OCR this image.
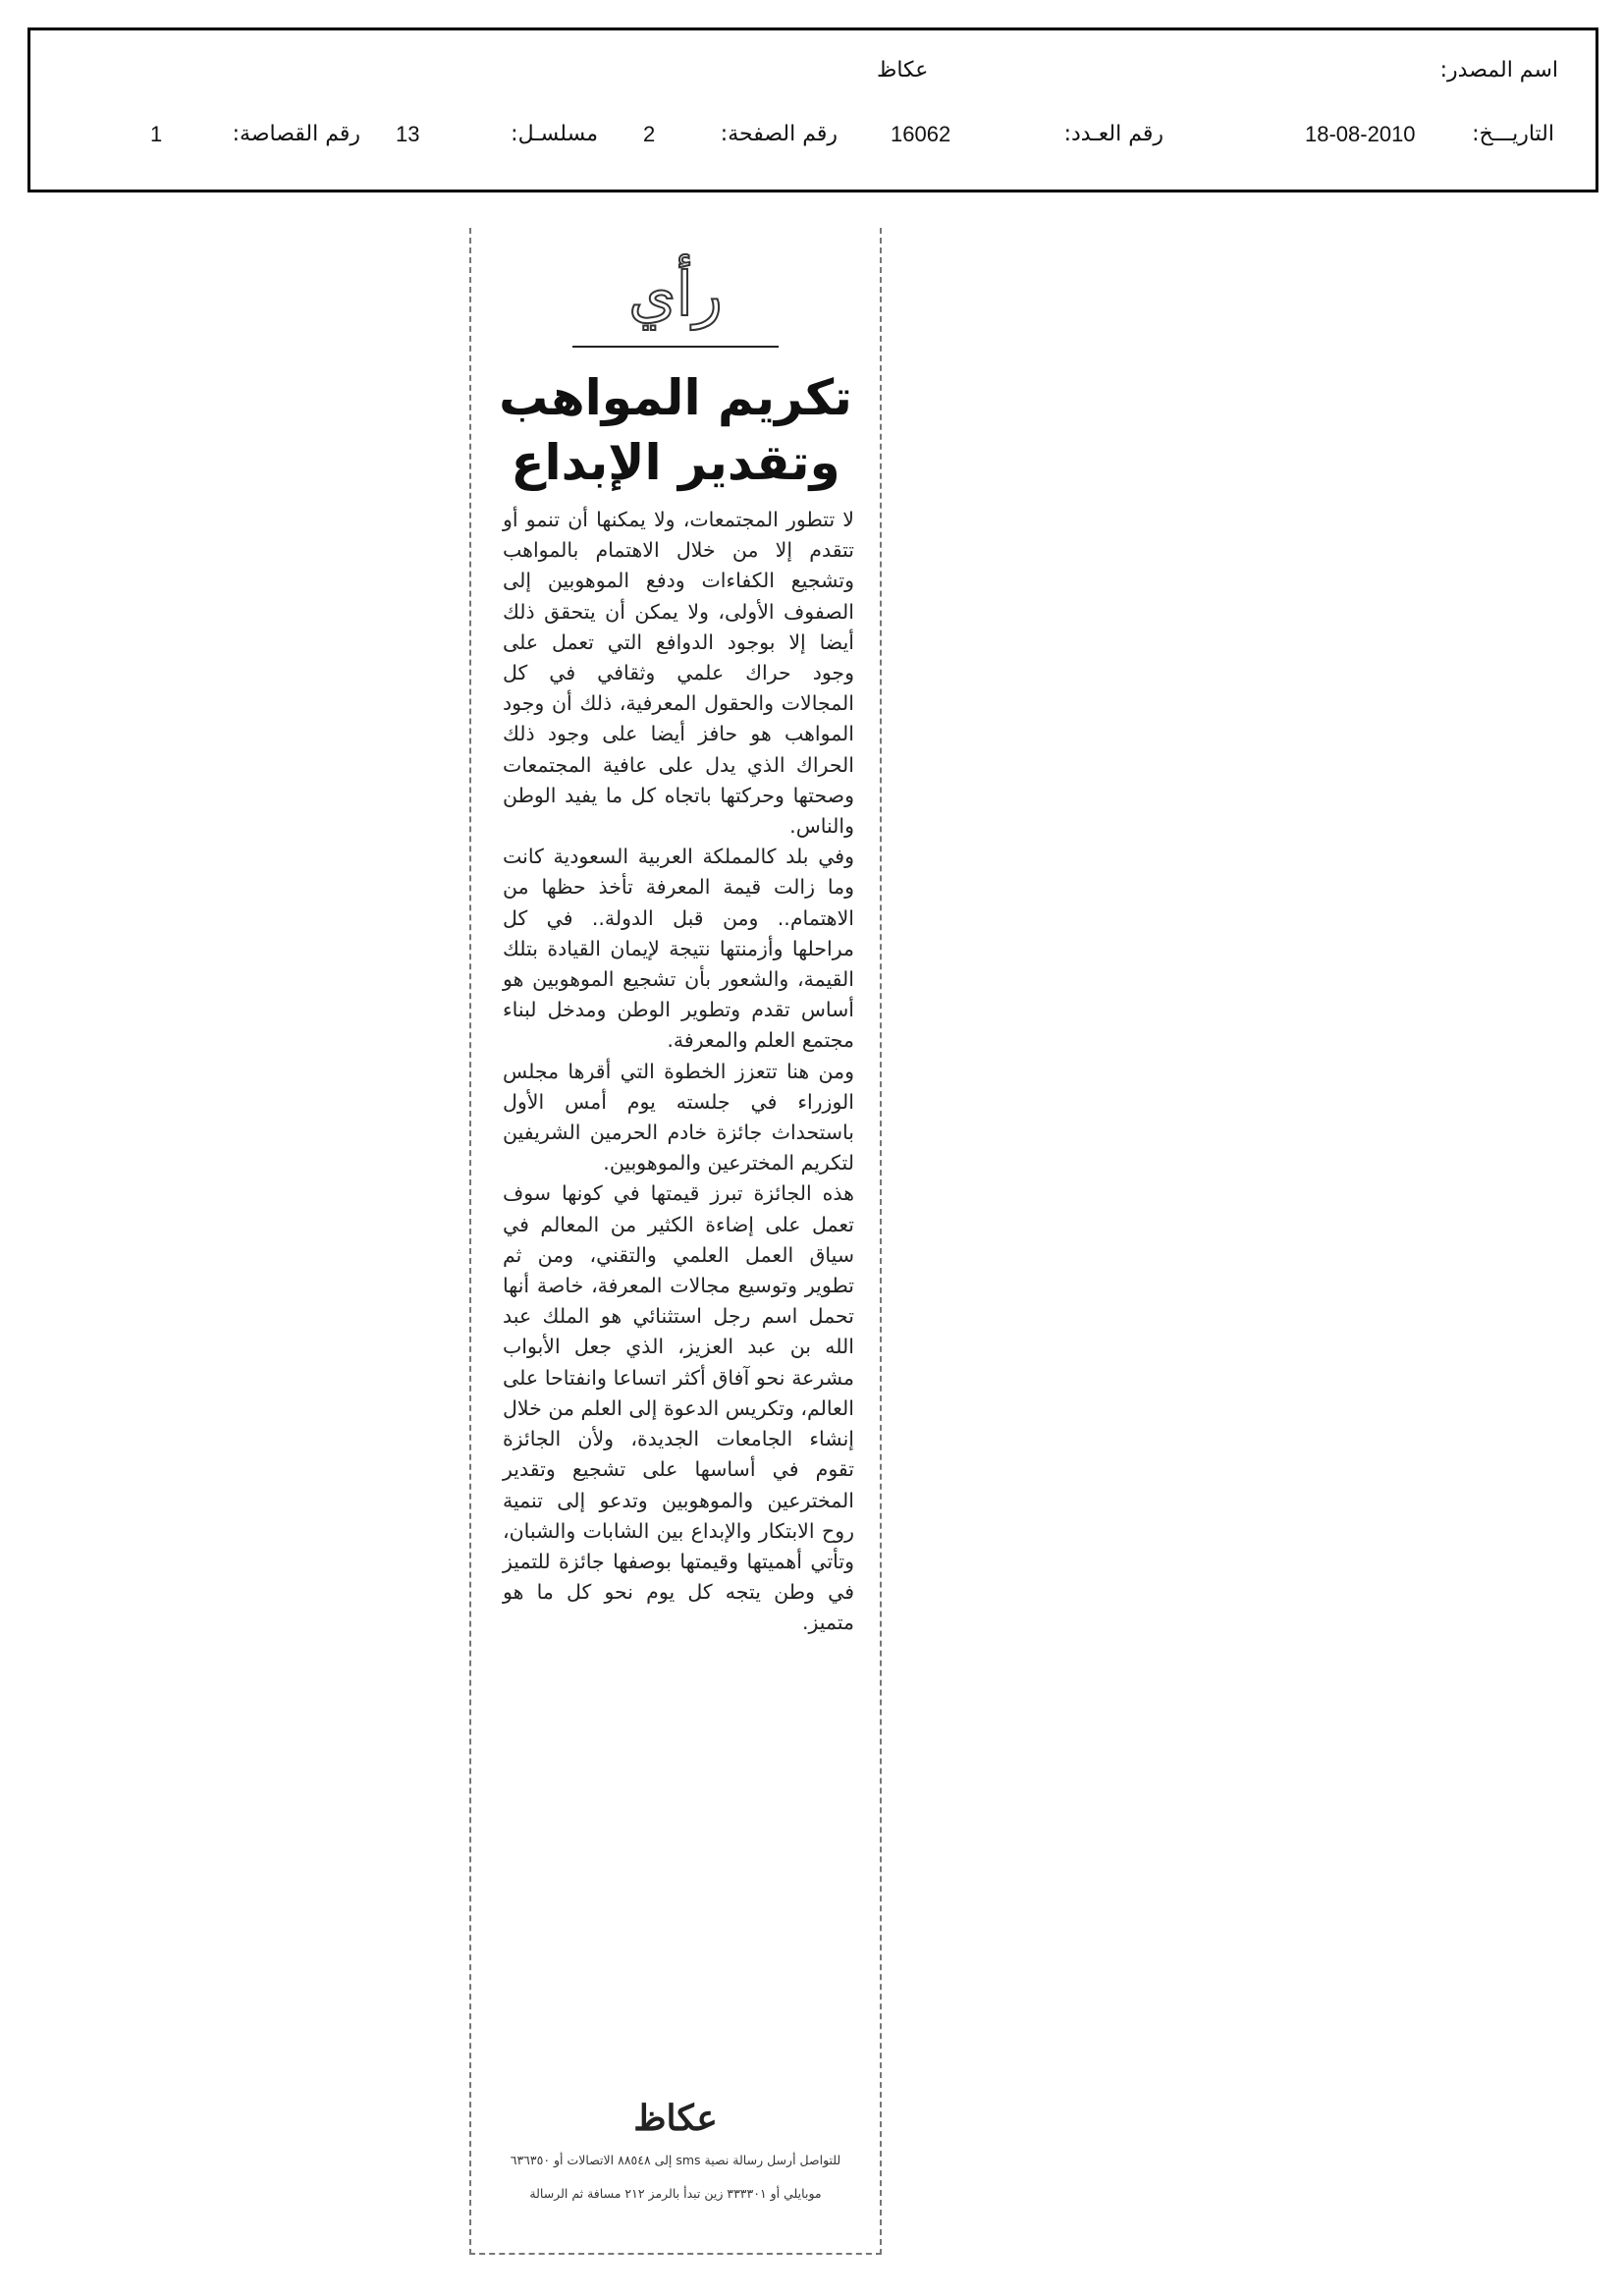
اسم المصدر:
عكاظ
التاريـــخ:
18-08-2010
رقم العـدد:
16062
رقم الصفحة:
2
مسلسـل:
13
رقم القصاصة:
1
رأي
تكريم المواهب
وتقدير الإبداع

لا تتطور المجتمعات، ولا يمكنها أن تنمو أو تتقدم إلا من خلال الاهتمام بالمواهب وتشجيع الكفاءات ودفع الموهوبين إلى الصفوف الأولى، ولا يمكن أن يتحقق ذلك أيضا إلا بوجود الدوافع التي تعمل على وجود حراك علمي وثقافي في كل المجالات والحقول المعرفية، ذلك أن وجود المواهب هو حافز أيضا على وجود ذلك الحراك الذي يدل على عافية المجتمعات وصحتها وحركتها باتجاه كل ما يفيد الوطن والناس.

وفي بلد كالمملكة العربية السعودية كانت وما زالت قيمة المعرفة تأخذ حظها من الاهتمام.. ومن قبل الدولة.. في كل مراحلها وأزمنتها نتيجة لإيمان القيادة بتلك القيمة، والشعور بأن تشجيع الموهوبين هو أساس تقدم وتطوير الوطن ومدخل لبناء مجتمع العلم والمعرفة.

ومن هنا تتعزز الخطوة التي أقرها مجلس الوزراء في جلسته يوم أمس الأول باستحداث جائزة خادم الحرمين الشريفين لتكريم المخترعين والموهوبين.

هذه الجائزة تبرز قيمتها في كونها سوف تعمل على إضاءة الكثير من المعالم في سياق العمل العلمي والتقني، ومن ثم تطوير وتوسيع مجالات المعرفة، خاصة أنها تحمل اسم رجل استثنائي هو الملك عبد الله بن عبد العزيز، الذي جعل الأبواب مشرعة نحو آفاق أكثر اتساعا وانفتاحا على العالم، وتكريس الدعوة إلى العلم من خلال إنشاء الجامعات الجديدة، ولأن الجائزة تقوم في أساسها على تشجيع وتقدير المخترعين والموهوبين وتدعو إلى تنمية روح الابتكار والإبداع بين الشابات والشبان، وتأتي أهميتها وقيمتها بوصفها جائزة للتميز في وطن يتجه كل يوم نحو كل ما هو متميز.

عكاظ
للتواصل أرسل رسالة نصية sms إلى ٨٨٥٤٨ الاتصالات أو ٦٣٦٣٥٠
موبايلي أو ٣٣٣٣٠١ زين تبدأ بالرمز ٢١٢ مسافة ثم الرسالة
